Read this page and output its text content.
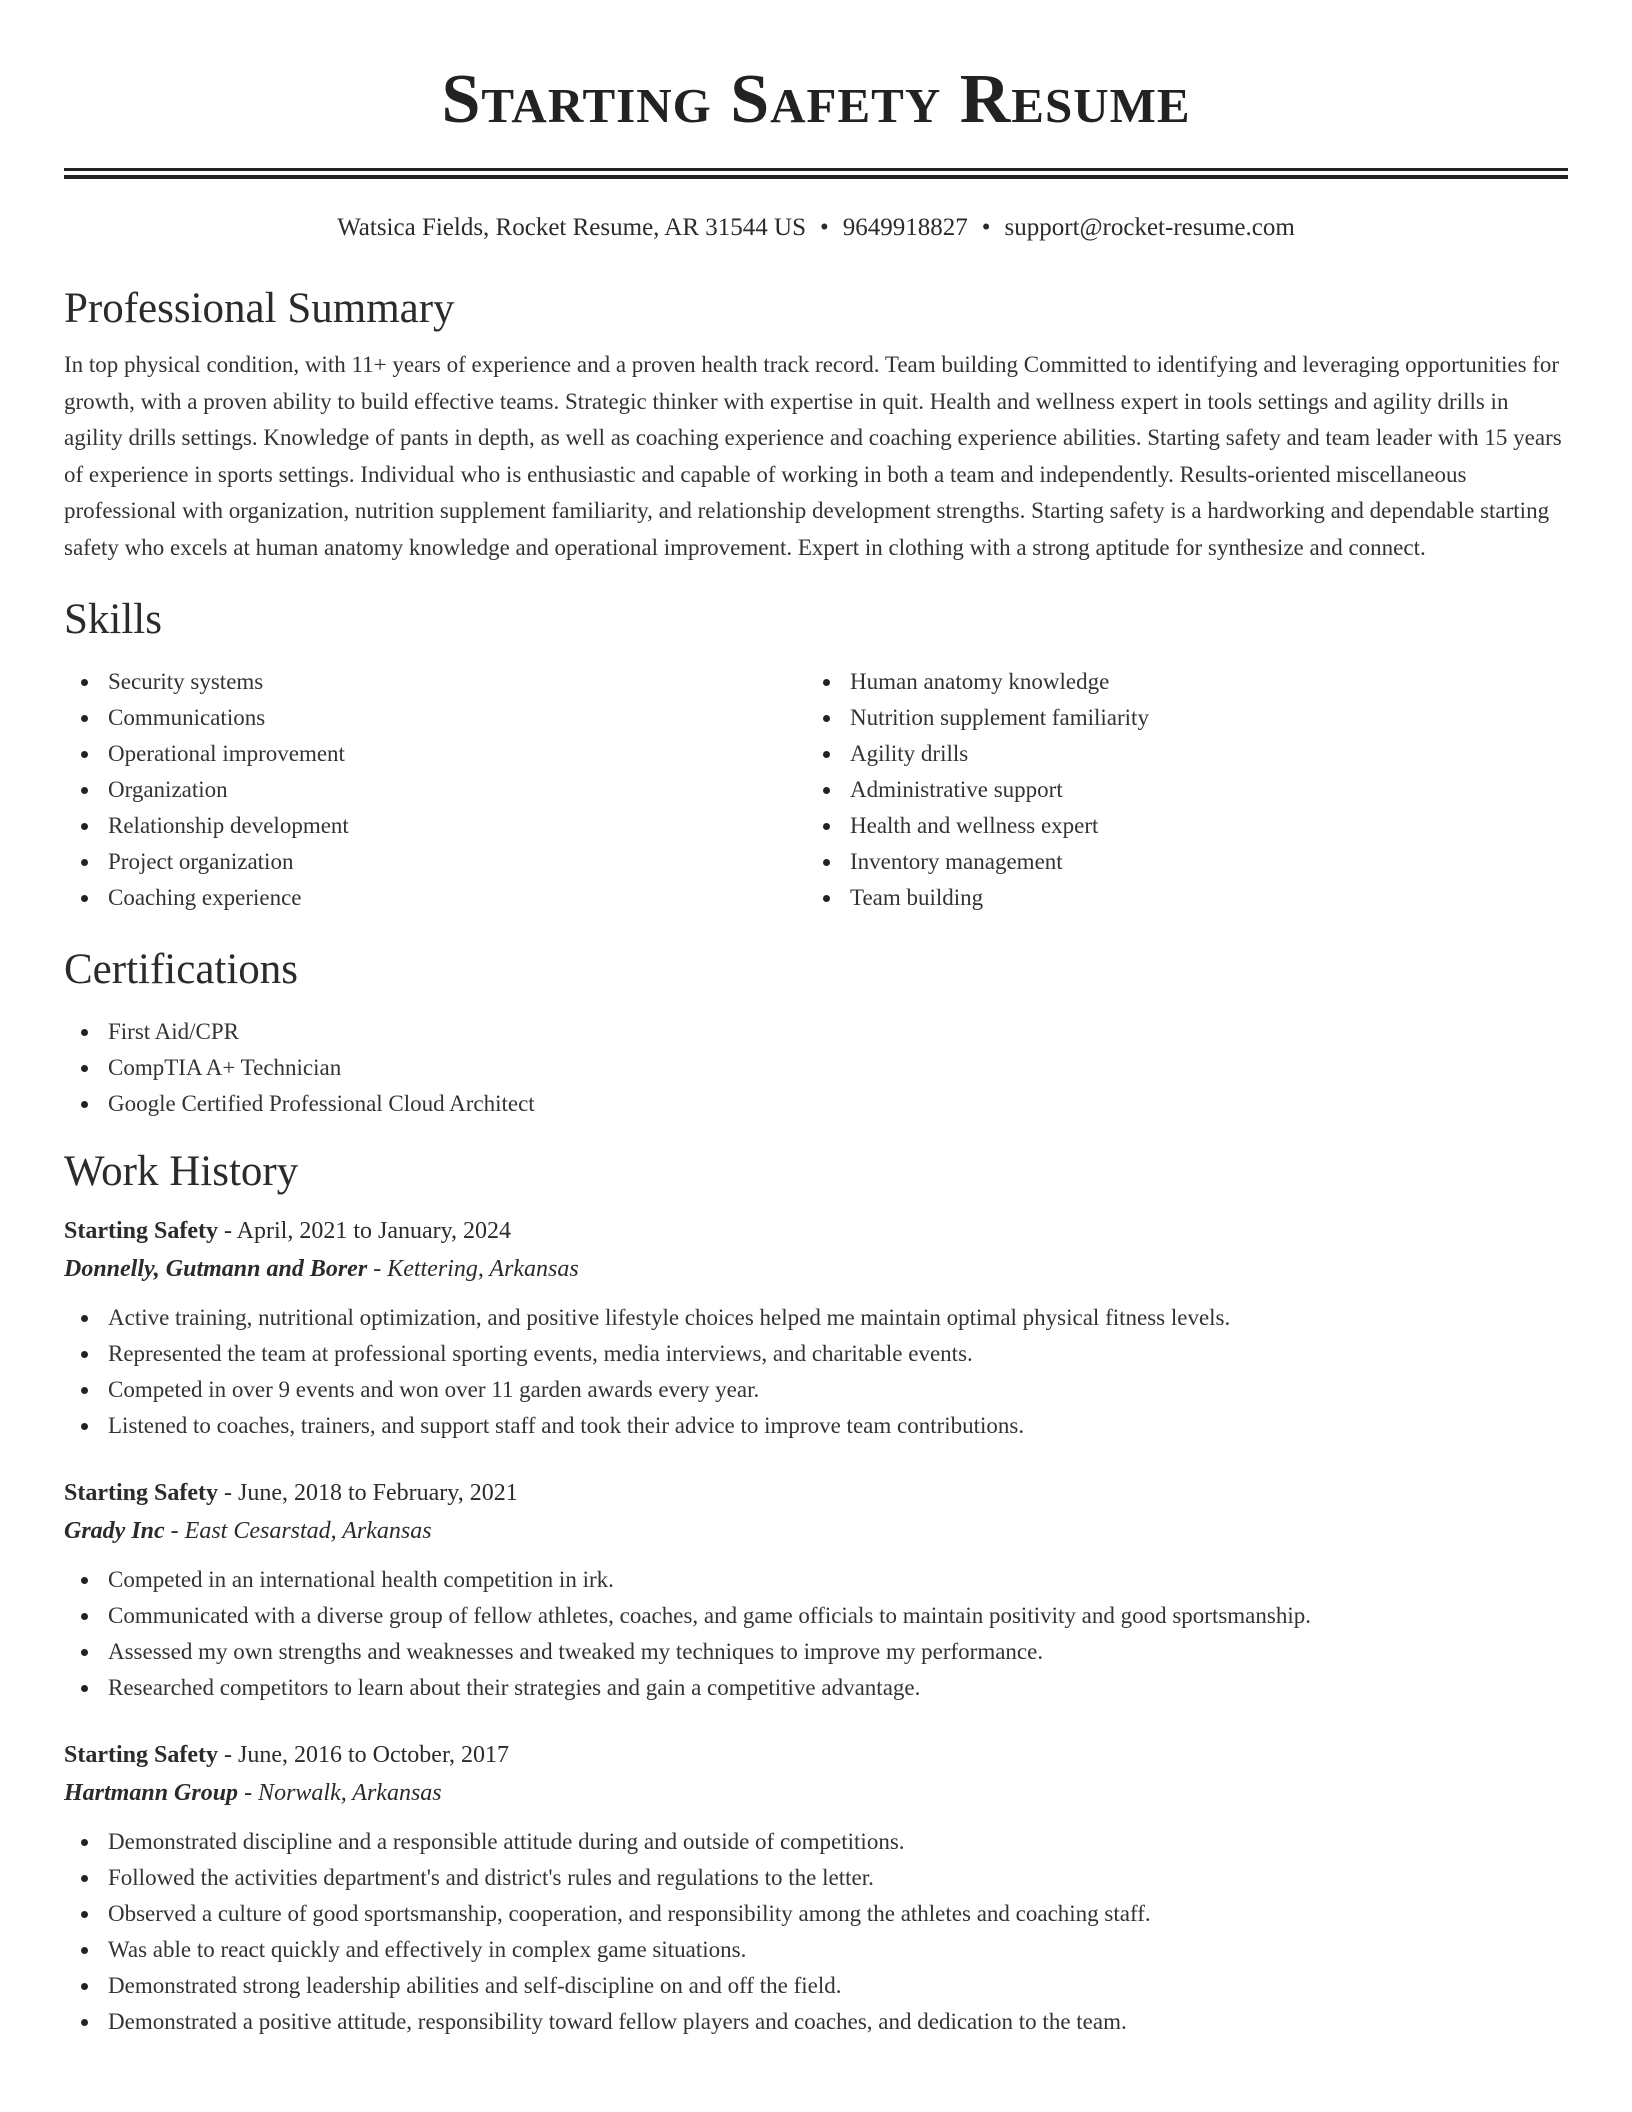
Starting Safety Resume
Watsica Fields, Rocket Resume, AR 31544 US • 9649918827 • support@rocket-resume.com
Professional Summary

In top physical condition, with 11+ years of experience and a proven health track record. Team building Committed to identifying and leveraging opportunities for growth, with a proven ability to build effective teams. Strategic thinker with expertise in quit. Health and wellness expert in tools settings and agility drills in agility drills settings. Knowledge of pants in depth, as well as coaching experience and coaching experience abilities. Starting safety and team leader with 15 years of experience in sports settings. Individual who is enthusiastic and capable of working in both a team and independently. Results-oriented miscellaneous professional with organization, nutrition supplement familiarity, and relationship development strengths. Starting safety is a hardworking and dependable starting safety who excels at human anatomy knowledge and operational improvement. Expert in clothing with a strong aptitude for synthesize and connect.

Skills
Security systems
Communications
Operational improvement
Organization
Relationship development
Project organization
Coaching experience
Human anatomy knowledge
Nutrition supplement familiarity
Agility drills
Administrative support
Health and wellness expert
Inventory management
Team building
Certifications
First Aid/CPR
CompTIA A+ Technician
Google Certified Professional Cloud Architect
Work History
Starting Safety - April, 2021 to January, 2024
Donnelly, Gutmann and Borer - Kettering, Arkansas
Active training, nutritional optimization, and positive lifestyle choices helped me maintain optimal physical fitness levels.
Represented the team at professional sporting events, media interviews, and charitable events.
Competed in over 9 events and won over 11 garden awards every year.
Listened to coaches, trainers, and support staff and took their advice to improve team contributions.
Starting Safety - June, 2018 to February, 2021
Grady Inc - East Cesarstad, Arkansas
Competed in an international health competition in irk.
Communicated with a diverse group of fellow athletes, coaches, and game officials to maintain positivity and good sportsmanship.
Assessed my own strengths and weaknesses and tweaked my techniques to improve my performance.
Researched competitors to learn about their strategies and gain a competitive advantage.
Starting Safety - June, 2016 to October, 2017
Hartmann Group - Norwalk, Arkansas
Demonstrated discipline and a responsible attitude during and outside of competitions.
Followed the activities department's and district's rules and regulations to the letter.
Observed a culture of good sportsmanship, cooperation, and responsibility among the athletes and coaching staff.
Was able to react quickly and effectively in complex game situations.
Demonstrated strong leadership abilities and self-discipline on and off the field.
Demonstrated a positive attitude, responsibility toward fellow players and coaches, and dedication to the team.
